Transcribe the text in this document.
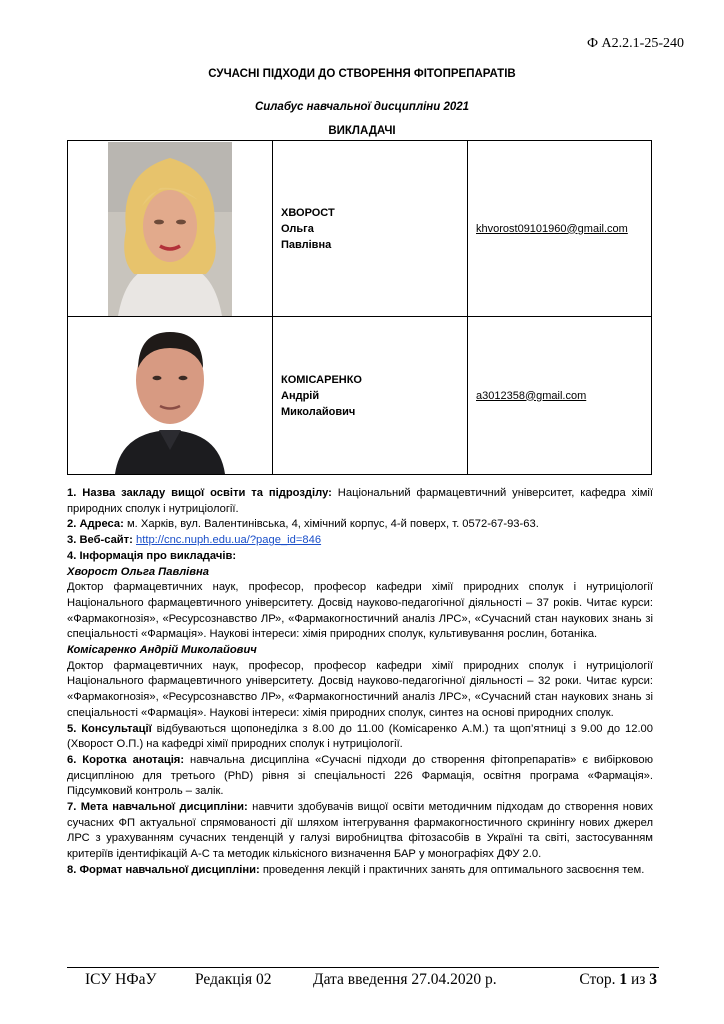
Ф А2.2.1-25-240
СУЧАСНІ ПІДХОДИ ДО СТВОРЕННЯ ФІТОПРЕПАРАТІВ
Силабус навчальної дисципліни 2021
ВИКЛАДАЧІ

ХВОРОСТ
Ольга
Павлівна	khvorost09101960@gmail.com

КОМІСАРЕНКО
Андрій
Миколайович	a3012358@gmail.com

1. Назва закладу вищої освіти та підрозділу: Національний фармацевтичний університет, кафедра хімії природних сполук і нутриціології.

2. Адреса: м. Харків, вул. Валентинівська, 4, хімічний корпус, 4-й поверх, т. 0572-67-93-63.

3. Веб-сайт: http://cnc.nuph.edu.ua/?page_id=846

4. Інформація про викладачів:

Хворост Ольга Павлівна

Доктор фармацевтичних наук, професор, професор кафедри хімії природних сполук і нутриціології Національного фармацевтичного університету. Досвід науково-педагогічної діяльності – 37 років. Читає курси: «Фармакогнозія», «Ресурсознавство ЛР», «Фармакогностичний аналіз ЛРС», «Сучасний стан наукових знань зі спеціальності «Фармація». Наукові інтереси: хімія природних сполук, культивування рослин, ботаніка.

Комісаренко Андрій Миколайович

Доктор фармацевтичних наук, професор, професор кафедри хімії природних сполук і нутриціології Національного фармацевтичного університету. Досвід науково-педагогічної діяльності – 32 роки. Читає курси: «Фармакогнозія», «Ресурсознавство ЛР», «Фармакогностичний аналіз ЛРС», «Сучасний стан наукових знань зі спеціальності «Фармація». Наукові інтереси: хімія природних сполук, синтез на основі природних сполук.

5. Консультації відбуваються щопонеділка з 8.00 до 11.00 (Комісаренко А.М.) та щоп’ятниці з 9.00 до 12.00 (Хворост О.П.) на кафедрі хімії природних сполук і нутриціології.

6. Коротка анотація: навчальна дисципліна «Сучасні підходи до створення фітопрепаратів» є вибірковою дисципліною для третього (PhD) рівня зі спеціальності 226 Фармація, освітня програма «Фармація». Підсумковий контроль – залік.

7. Мета навчальної дисципліни: навчити здобувачів вищої освіти методичним підходам до створення нових сучасних ФП актуальної спрямованості дії шляхом інтегрування фармакогностичного скринінгу нових джерел ЛРС з урахуванням сучасних тенденцій у галузі виробництва фітозасобів в Україні та світі, застосуванням критеріїв ідентифікацій А-С та методик кількісного визначення БАР у монографіях ДФУ 2.0.

8. Формат навчальної дисципліни: проведення лекцій і практичних занять для оптимального засвоєння тем.

ІСУ НФаУ Редакція 02	Дата введення 27.04.2020 р.	Стор. 1 из 3
